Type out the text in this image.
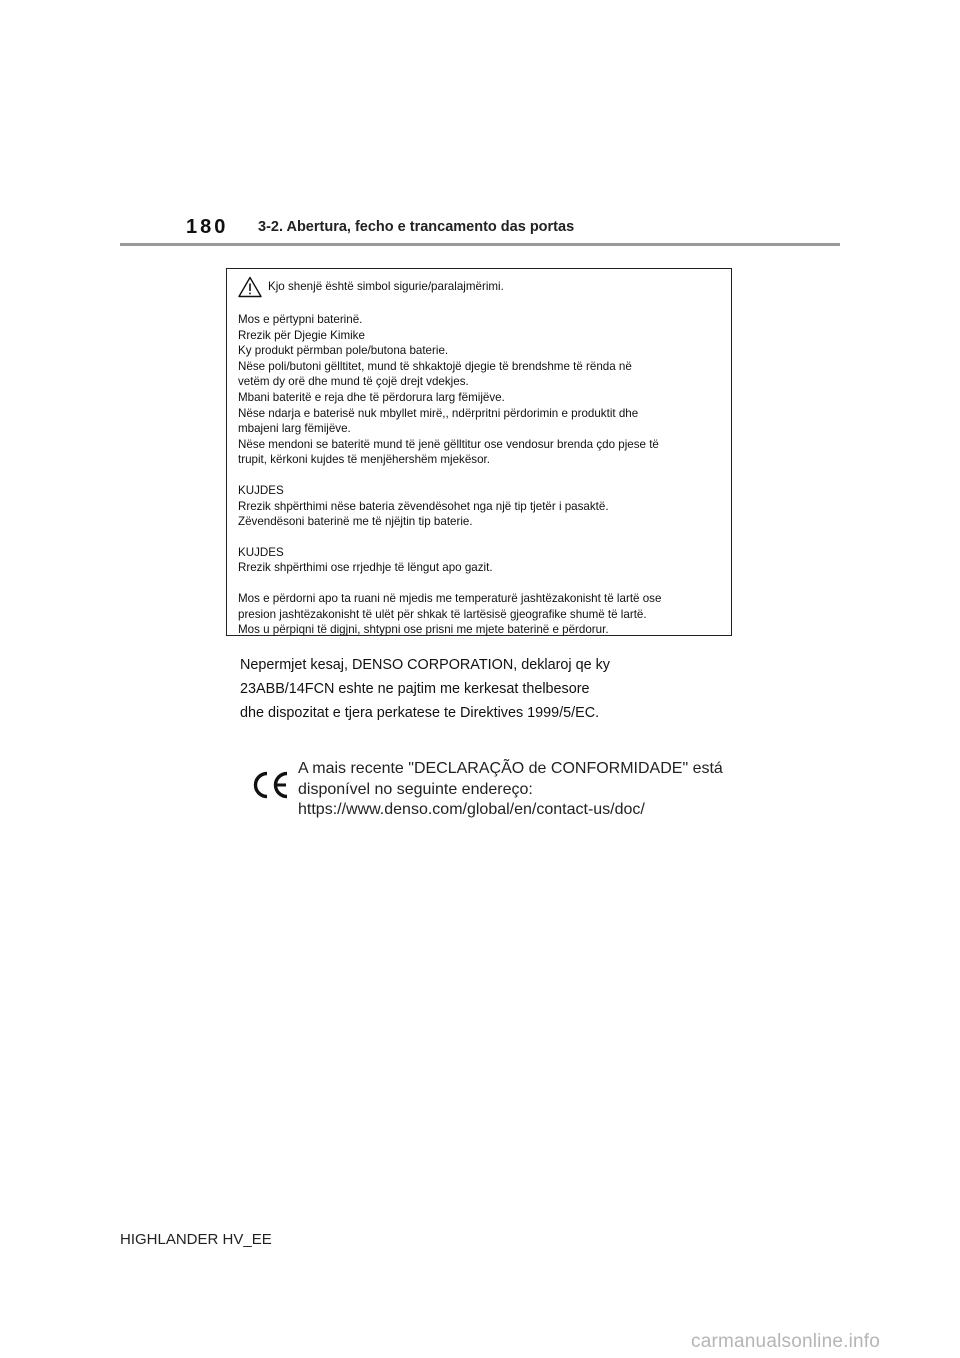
180 3-2. Abertura, fecho e trancamento das portas
Kjo shenjë është simbol sigurie/paralajmërimi.
Mos e përtypni baterinë.
Rrezik për Djegie Kimike
Ky produkt përmban pole/butona baterie.
Nëse poli/butoni gëlltitet, mund të shkaktojë djegie të brendshme të rënda në
vetëm dy orë dhe mund të çojë drejt vdekjes.
Mbani bateritë e reja dhe të përdorura larg fëmijëve.
Nëse ndarja e baterisë nuk mbyllet mirë,, ndërpritni përdorimin e produktit dhe
mbajeni larg fëmijëve.
Nëse mendoni se bateritë mund të jenë gëlltitur ose vendosur brenda çdo pjese të
trupit, kërkoni kujdes të menjëhershëm mjekësor.
KUJDES
Rrezik shpërthimi nëse bateria zëvendësohet nga një tip tjetër i pasaktë.
Zëvendësoni baterinë me të njëjtin tip baterie.
KUJDES
Rrezik shpërthimi ose rrjedhje të lëngut apo gazit.
Mos e përdorni apo ta ruani në mjedis me temperaturë jashtëzakonisht të lartë ose
presion jashtëzakonisht të ulët për shkak të lartësisë gjeografike shumë të lartë.
Mos u përpiqni të digjni, shtypni ose prisni me mjete baterinë e përdorur.
Nepermjet kesaj, DENSO CORPORATION, deklaroj qe ky
23ABB/14FCN eshte ne pajtim me kerkesat thelbesore
dhe dispozitat e tjera perkatese te Direktives 1999/5/EC.
A mais recente "DECLARAÇÃO de CONFORMIDADE" está
disponível no seguinte endereço:
https://www.denso.com/global/en/contact-us/doc/
HIGHLANDER HV_EE
carmanualsonline.info
